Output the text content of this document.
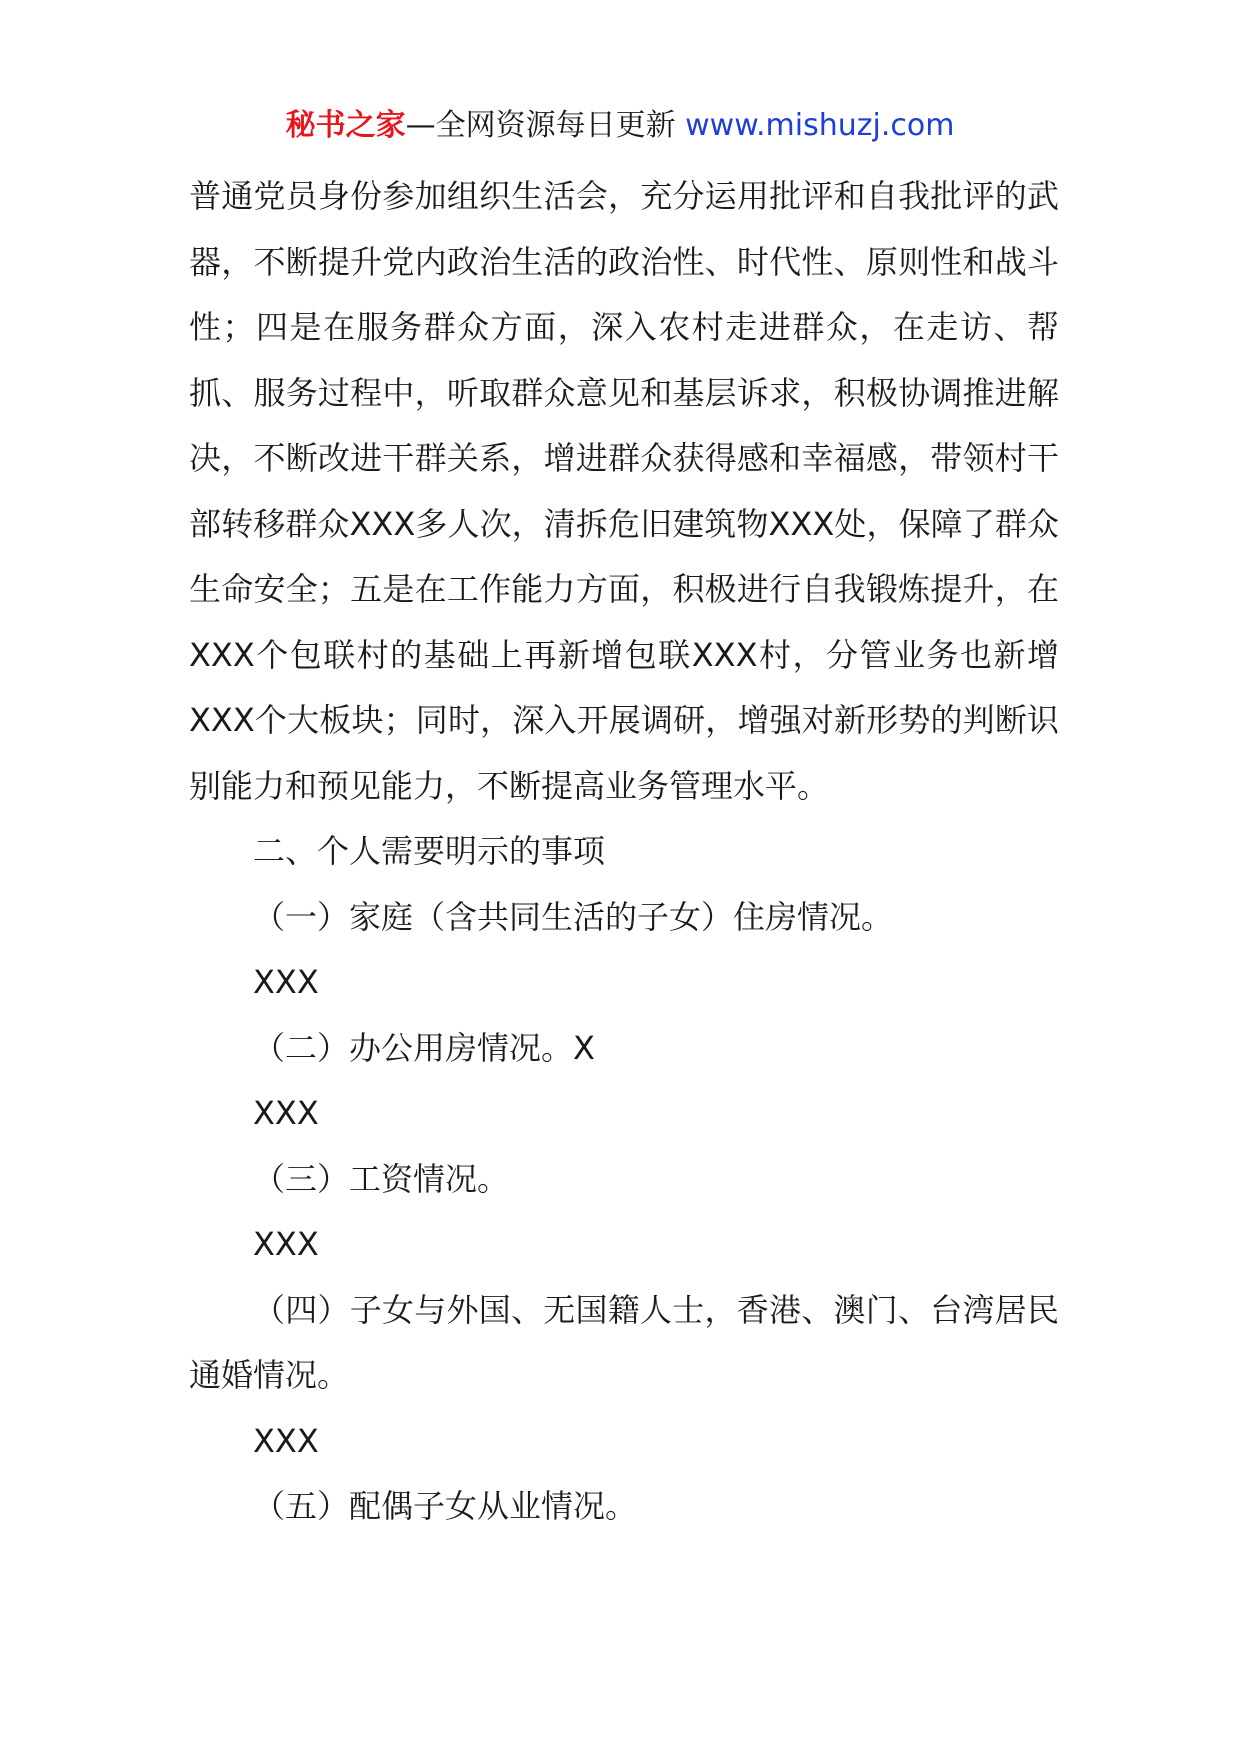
秘书之家—全网资源每日更新 www.mishuzj.com

普通党员身份参加组织生活会，充分运用批评和自我批评的武器，不断提升党内政治生活的政治性、时代性、原则性和战斗性；四是在服务群众方面，深入农村走进群众，在走访、帮抓、服务过程中，听取群众意见和基层诉求，积极协调推进解决，不断改进干群关系，增进群众获得感和幸福感，带领村干部转移群众XXX多人次，清拆危旧建筑物XXX处，保障了群众生命安全；五是在工作能力方面，积极进行自我锻炼提升，在XXX个包联村的基础上再新增包联XXX村，分管业务也新增XXX个大板块；同时，深入开展调研，增强对新形势的判断识别能力和预见能力，不断提高业务管理水平。

二、个人需要明示的事项

（一）家庭（含共同生活的子女）住房情况。

XXX

（二）办公用房情况。X

XXX

（三）工资情况。

XXX

（四）子女与外国、无国籍人士，香港、澳门、台湾居民通婚情况。

XXX

（五）配偶子女从业情况。
